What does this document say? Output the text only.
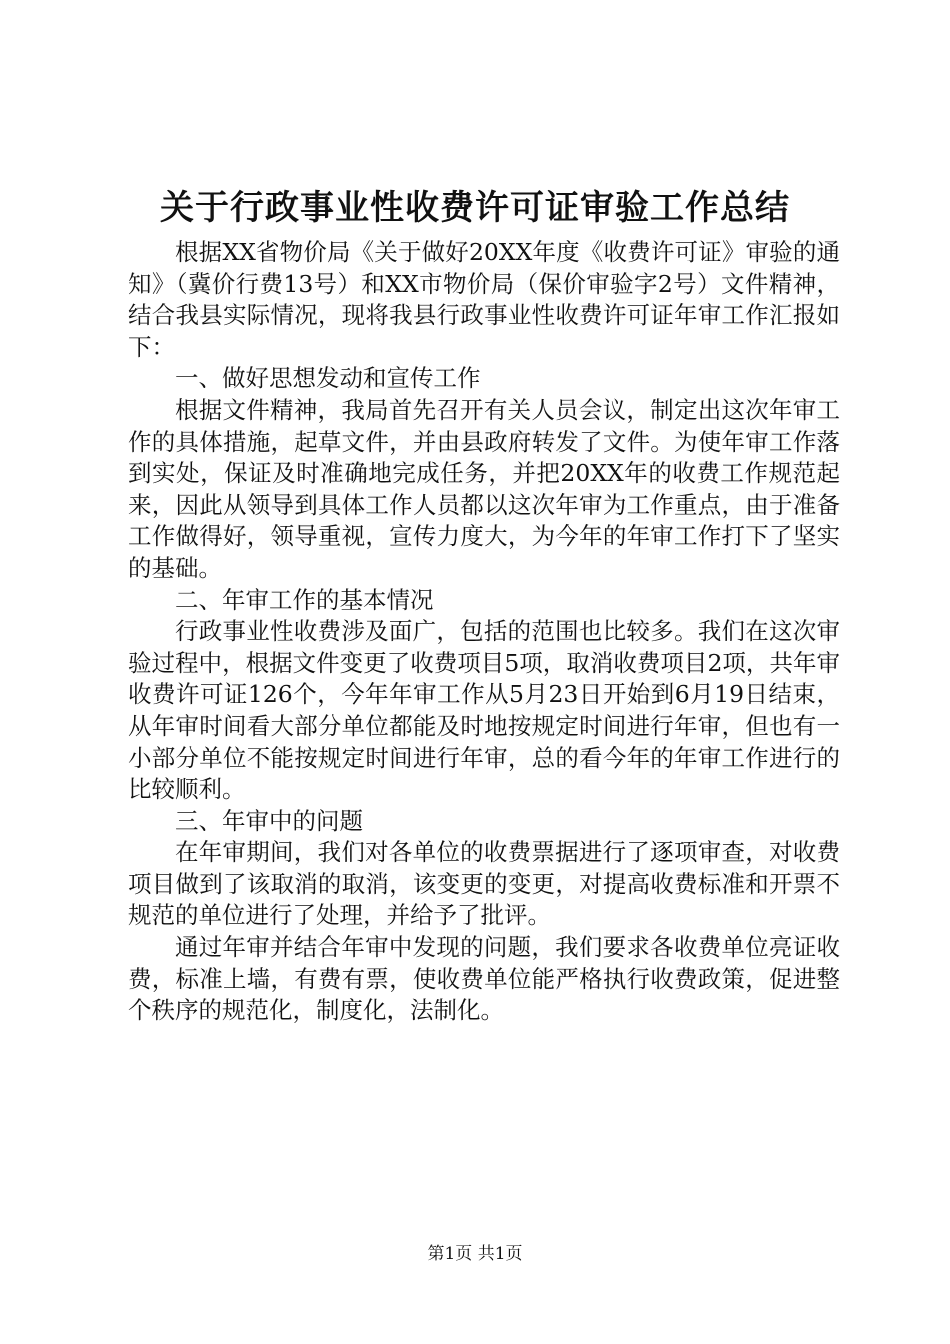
关于行政事业性收费许可证审验工作总结

根据XX省物价局《关于做好20XX年度《收费许可证》审验的通知》（冀价行费13号）和XX市物价局（保价审验字2号）文件精神，结合我县实际情况，现将我县行政事业性收费许可证年审工作汇报如下：

一、做好思想发动和宣传工作

根据文件精神，我局首先召开有关人员会议，制定出这次年审工作的具体措施，起草文件，并由县政府转发了文件。为使年审工作落到实处，保证及时准确地完成任务，并把20XX年的收费工作规范起来，因此从领导到具体工作人员都以这次年审为工作重点，由于准备工作做得好，领导重视，宣传力度大，为今年的年审工作打下了坚实的基础。

二、年审工作的基本情况

行政事业性收费涉及面广，包括的范围也比较多。我们在这次审验过程中，根据文件变更了收费项目5项，取消收费项目2项，共年审收费许可证126个，今年年审工作从5月23日开始到6月19日结束，从年审时间看大部分单位都能及时地按规定时间进行年审，但也有一小部分单位不能按规定时间进行年审，总的看今年的年审工作进行的比较顺利。

三、年审中的问题

在年审期间，我们对各单位的收费票据进行了逐项审查，对收费项目做到了该取消的取消，该变更的变更，对提高收费标准和开票不规范的单位进行了处理，并给予了批评。

通过年审并结合年审中发现的问题，我们要求各收费单位亮证收费，标准上墙，有费有票，使收费单位能严格执行收费政策，促进整个秩序的规范化，制度化，法制化。

第1页 共1页
